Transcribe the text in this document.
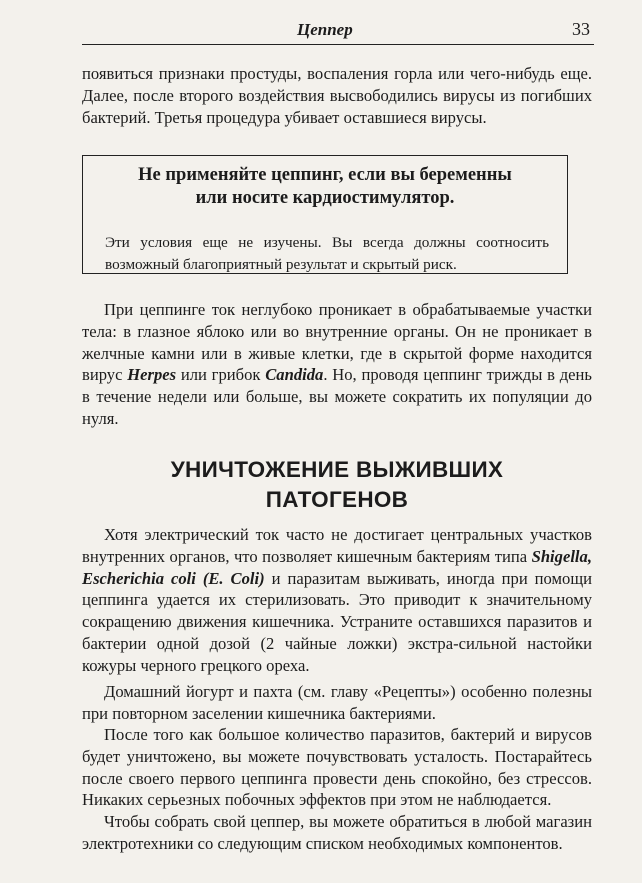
Цеппер	33

появиться признаки простуды, воспаления горла или чего-нибудь еще. Далее, после второго воздействия высвободились вирусы из погибших бактерий. Третья процедура убивает оставшиеся вирусы.

Не применяйте цеппинг, если вы беременны
или носите кардиостимулятор.
Эти условия еще не изучены. Вы всегда должны соотносить возможный благоприятный результат и скрытый риск.

При цеппинге ток неглубоко проникает в обрабатываемые участки тела: в глазное яблоко или во внутренние органы. Он не проникает в желчные камни или в живые клетки, где в скрытой форме находится вирус Herpes или грибок Candida. Но, проводя цеппинг трижды в день в течение недели или больше, вы можете сократить их популяции до нуля.

УНИЧТОЖЕНИЕ ВЫЖИВШИХ
ПАТОГЕНОВ

Хотя электрический ток часто не достигает центральных участков внутренних органов, что позволяет кишечным бактериям типа Shigella, Escherichia coli (E. Coli) и паразитам выживать, иногда при помощи цеппинга удается их стерилизовать. Это приводит к значительному сокращению движения кишечника. Устраните оставшихся паразитов и бактерии одной дозой (2 чайные ложки) экстра-сильной настойки кожуры черного грецкого ореха.

Домашний йогурт и пахта (см. главу «Рецепты») особенно полезны при повторном заселении кишечника бактериями.

После того как большое количество паразитов, бактерий и вирусов будет уничтожено, вы можете почувствовать усталость. Постарайтесь после своего первого цеппинга провести день спокойно, без стрессов. Никаких серьезных побочных эффектов при этом не наблюдается.

Чтобы собрать свой цеппер, вы можете обратиться в любой магазин электротехники со следующим списком необходимых компонентов.
